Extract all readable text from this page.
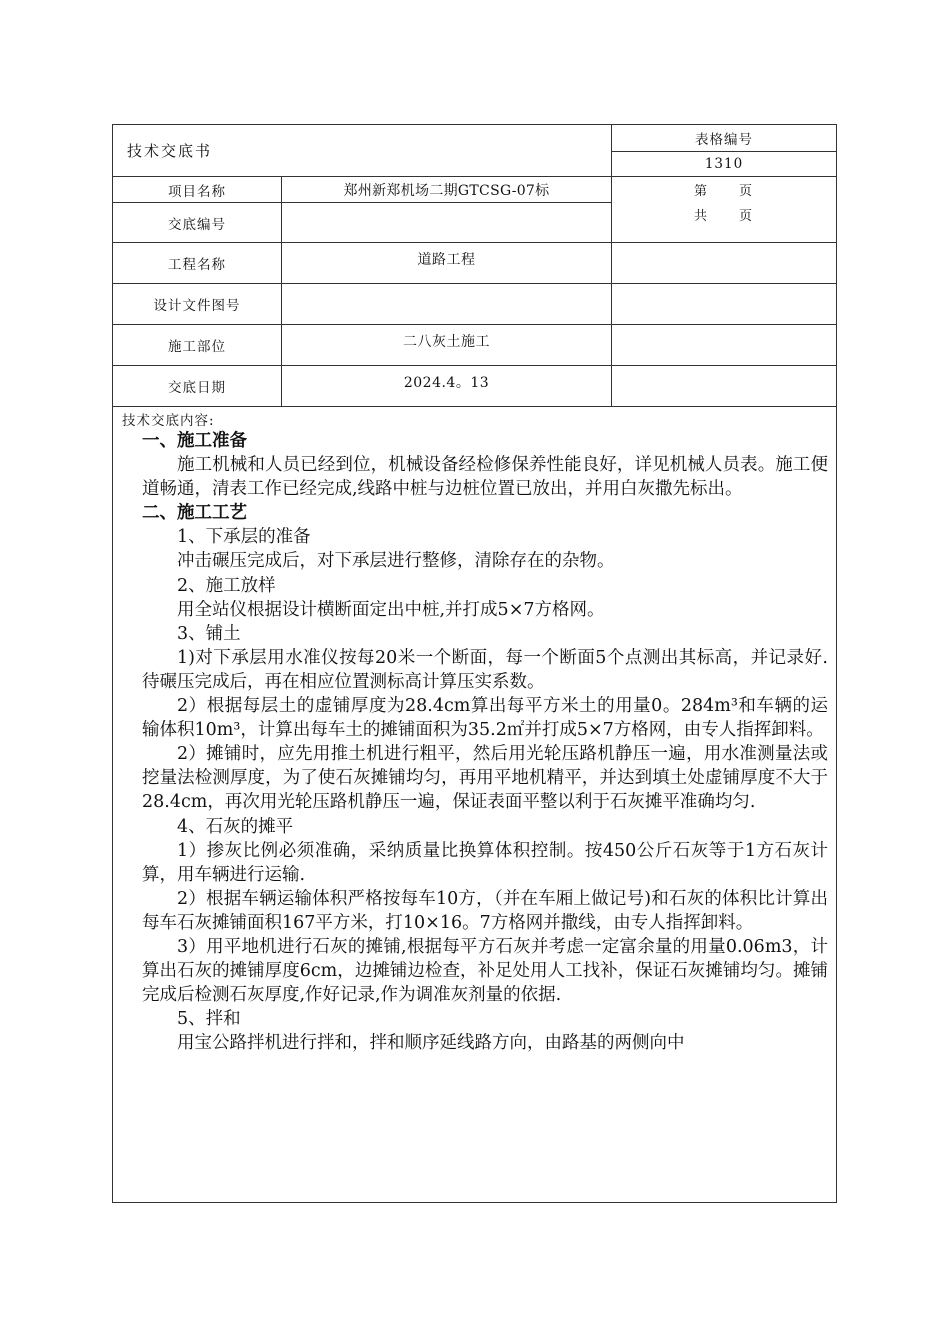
技术交底书
表格编号
1310
项目名称
交底编号
工程名称
设计文件图号
施工部位
交底日期
郑州新郑机场二期GTCSG-07标
道路工程
二八灰土施工
2024.4。13
第　　页
共　　页
技术交底内容:

一、施工准备

施工机械和人员已经到位，机械设备经检修保养性能良好，详见机械人员表。施工便道畅通，清表工作已经完成,线路中桩与边桩位置已放出，并用白灰撒先标出。

二、施工工艺

1、下承层的准备

冲击碾压完成后，对下承层进行整修，清除存在的杂物。

2、施工放样

用全站仪根据设计横断面定出中桩,并打成5×7方格网。

3、铺土

1)对下承层用水准仪按每20米一个断面，每一个断面5个点测出其标高，并记录好.待碾压完成后，再在相应位置测标高计算压实系数。

2）根据每层土的虚铺厚度为28.4cm算出每平方米土的用量0。284m³和车辆的运输体积10m³，计算出每车土的摊铺面积为35.2㎡并打成5×7方格网，由专人指挥卸料。

2）摊铺时，应先用推土机进行粗平，然后用光轮压路机静压一遍，用水准测量法或挖量法检测厚度，为了使石灰摊铺均匀，再用平地机精平，并达到填土处虚铺厚度不大于28.4cm，再次用光轮压路机静压一遍，保证表面平整以利于石灰摊平准确均匀.

4、石灰的摊平

1）掺灰比例必须准确，采纳质量比换算体积控制。按450公斤石灰等于1方石灰计算，用车辆进行运输.

2）根据车辆运输体积严格按每车10方，（并在车厢上做记号)和石灰的体积比计算出每车石灰摊铺面积167平方米，打10×16。7方格网并撒线，由专人指挥卸料。

3）用平地机进行石灰的摊铺,根据每平方石灰并考虑一定富余量的用量0.06m3，计算出石灰的摊铺厚度6cm，边摊铺边检查，补足处用人工找补，保证石灰摊铺均匀。摊铺完成后检测石灰厚度,作好记录,作为调准灰剂量的依据.

5、拌和

用宝公路拌机进行拌和，拌和顺序延线路方向，由路基的两侧向中
